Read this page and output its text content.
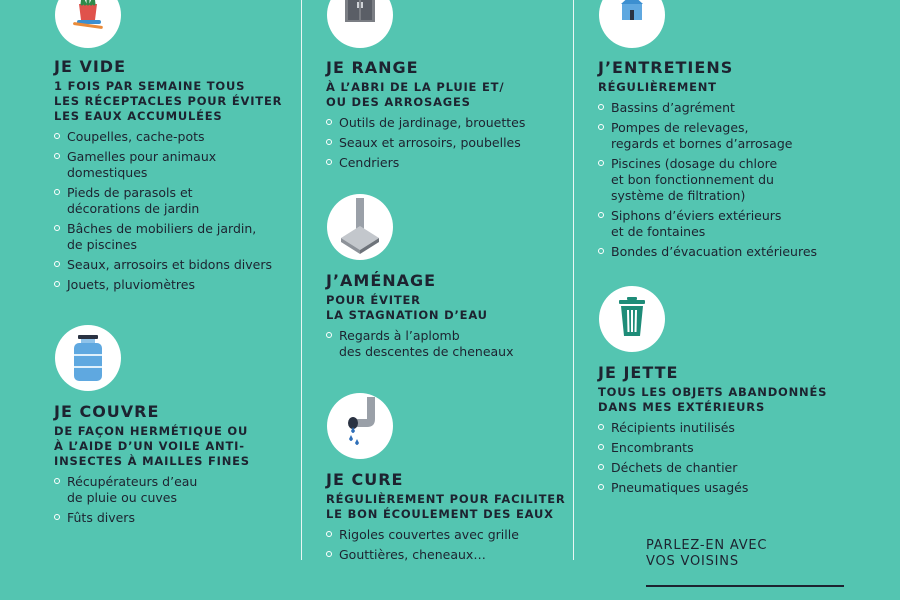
JE VIDE
1 FOIS PAR SEMAINE TOUS
LES RÉCEPTACLES POUR ÉVITER
LES EAUX ACCUMULÉES
Coupelles, cache-pots
Gamelles pour animaux
domestiques
Pieds de parasols et
décorations de jardin
Bâches de mobiliers de jardin,
de piscines
Seaux, arrosoirs et bidons divers
Jouets, pluviomètres
JE COUVRE
DE FAÇON HERMÉTIQUE OU
À L’AIDE D’UN VOILE ANTI-
INSECTES À MAILLES FINES
Récupérateurs d’eau
de pluie ou cuves
Fûts divers
JE RANGE
À L’ABRI DE LA PLUIE ET/
OU DES ARROSAGES
Outils de jardinage, brouettes
Seaux et arrosoirs, poubelles
Cendriers
J’AMÉNAGE
POUR ÉVITER
LA STAGNATION D’EAU
Regards à l’aplomb
des descentes de cheneaux
JE CURE
RÉGULIÈREMENT POUR FACILITER
LE BON ÉCOULEMENT DES EAUX
Rigoles couvertes avec grille
Gouttières, cheneaux…
J’ENTRETIENS
RÉGULIÈREMENT
Bassins d’agrément
Pompes de relevages,
regards et bornes d’arrosage
Piscines (dosage du chlore
et bon fonctionnement du
système de filtration)
Siphons d’éviers extérieurs
et de fontaines
Bondes d’évacuation extérieures
JE JETTE
TOUS LES OBJETS ABANDONNÉS
DANS MES EXTÉRIEURS
Récipients inutilisés
Encombrants
Déchets de chantier
Pneumatiques usagés
PARLEZ-EN AVEC
VOS VOISINS
